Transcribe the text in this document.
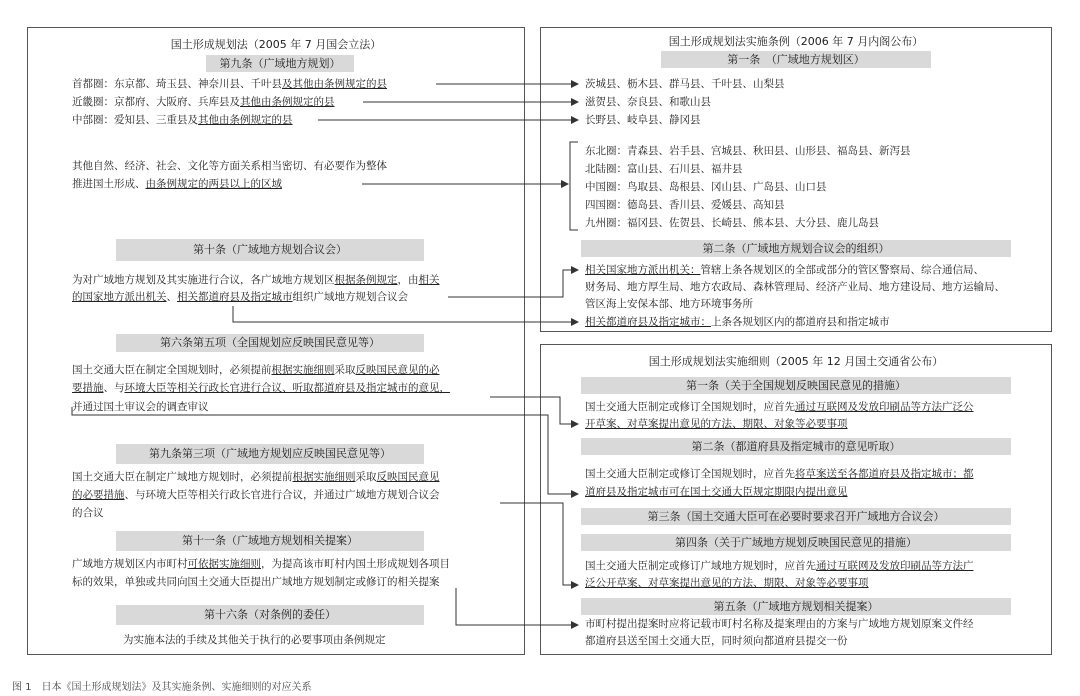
国土形成规划法（2005 年 7 月国会立法）
第九条（广域地方规划）
首都圈：东京都、琦玉县、神奈川县、千叶县及其他由条例规定的县
近畿圈：京都府、大阪府、兵库县及其他由条例规定的县
中部圈：爱知县、三重县及其他由条例规定的县
其他自然、经济、社会、文化等方面关系相当密切、有必要作为整体
推进国土形成、由条例规定的两县以上的区域
第十条（广域地方规划合议会）
为对广域地方规划及其实施进行合议，各广域地方规划区根据条例规定，由相关
的国家地方派出机关、相关都道府县及指定城市组织广域地方规划合议会
第六条第五项（全国规划应反映国民意见等）
国土交通大臣在制定全国规划时，必须提前根据实施细则采取反映国民意见的必
要措施、与环境大臣等相关行政长官进行合议、听取都道府县及指定城市的意见，
并通过国土审议会的调查审议
第九条第三项（广域地方规划应反映国民意见等）
国土交通大臣在制定广域地方规划时，必须提前根据实施细则采取反映国民意见
的必要措施、与环境大臣等相关行政长官进行合议，并通过广域地方规划合议会
的合议
第十一条（广域地方规划相关提案）
广域地方规划区内市町村可依据实施细则，为提高该市町村内国土形成规划各项目
标的效果，单独或共同向国土交通大臣提出广域地方规划制定或修订的相关提案
第十六条（对条例的委任）
为实施本法的手续及其他关于执行的必要事项由条例规定
国土形成规划法实施条例（2006 年 7 月内阁公布）
第一条　（广域地方规划区）
茨城县、枥木县、群马县、千叶县、山梨县
滋贺县、奈良县、和歌山县
长野县、岐阜县、静冈县
东北圈：青森县、岩手县、宫城县、秋田县、山形县、福岛县、新泻县
北陆圈：富山县、石川县、福井县
中国圈：鸟取县、岛根县、冈山县、广岛县、山口县
四国圈：德岛县、香川县、爱媛县、高知县
九州圈：福冈县、佐贺县、长崎县、熊本县、大分县、鹿儿岛县
第二条（广域地方规划合议会的组织）
相关国家地方派出机关：管辖上条各规划区的全部或部分的管区警察局、综合通信局、
财务局、地方厚生局、地方农政局、森林管理局、经济产业局、地方建设局、地方运输局、
管区海上安保本部、地方环境事务所
相关都道府县及指定城市：上条各规划区内的都道府县和指定城市
国土形成规划法实施细则（2005 年 12 月国土交通省公布）
第一条（关于全国规划反映国民意见的措施）
国土交通大臣制定或修订全国规划时，应首先通过互联网及发放印刷品等方法广泛公
开草案、对草案提出意见的方法、期限、对象等必要事项
第二条（都道府县及指定城市的意见听取）
国土交通大臣制定或修订全国规划时，应首先将草案送至各都道府县及指定城市；都
道府县及指定城市可在国土交通大臣规定期限内提出意见
第三条（国土交通大臣可在必要时要求召开广域地方合议会）
第四条（关于广域地方规划反映国民意见的措施）
国土交通大臣制定或修订广域地方规划时，应首先通过互联网及发放印刷品等方法广
泛公开草案、对草案提出意见的方法、期限、对象等必要事项
第五条（广域地方规划相关提案）
市町村提出提案时应将记载市町村名称及提案理由的方案与广域地方规划原案文件经
都道府县送至国土交通大臣，同时须向都道府县提交一份
图 1　日本《国土形成规划法》及其实施条例、实施细则的对应关系
